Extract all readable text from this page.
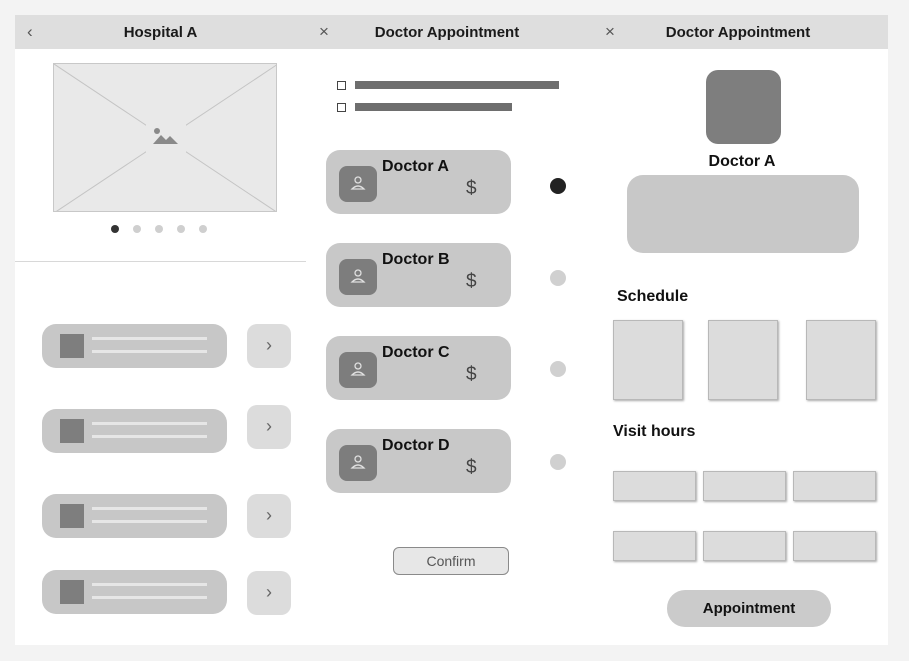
‹	Hospital A
›
›
›
›
×	Doctor Appointment
Doctor A
$
Doctor B
$
Doctor C
$
Doctor D
$
Confirm
×	Doctor Appointment
Doctor A
Schedule
Visit hours
Appointment
